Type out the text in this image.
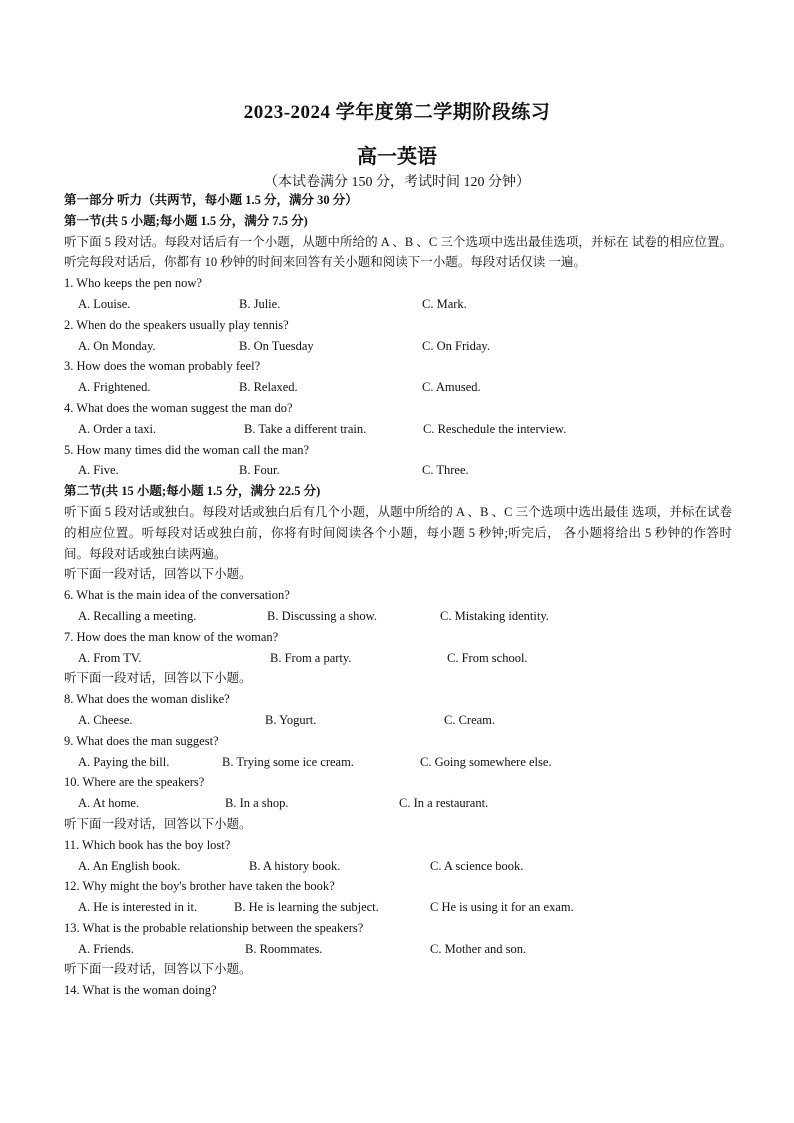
2023-2024 学年度第二学期阶段练习
高一英语
（本试卷满分 150 分，考试时间 120 分钟）
第一部分 听力（共两节，每小题 1.5 分，满分 30 分）
第一节(共 5 小题;每小题 1.5 分，满分 7.5 分)
听下面 5 段对话。每段对话后有一个小题，从题中所给的 A 、B 、C 三个选项中选出最佳选项，并标在 试卷的相应位置。听完每段对话后，你都有 10 秒钟的时间来回答有关小题和阅读下一小题。每段对话仅读 一遍。
1. Who keeps the pen now?
A. Louise.	B. Julie.	C. Mark.
2. When do the speakers usually play tennis?
A. On Monday.	B. On Tuesday	C. On Friday.
3. How does the woman probably feel?
A. Frightened.	B. Relaxed.	C. Amused.
4. What does the woman suggest the man do?
A. Order a taxi.	B. Take a different train.	C. Reschedule the interview.
5. How many times did the woman call the man?
A. Five.	B. Four.	C. Three.
第二节(共 15 小题;每小题 1.5 分，满分 22.5 分)
听下面 5 段对话或独白。每段对话或独白后有几个小题，从题中所给的 A 、B 、C 三个选项中选出最佳 选项，并标在试卷的相应位置。听每段对话或独白前，你将有时间阅读各个小题，每小题 5 秒钟;听完后， 各小题将给出 5 秒钟的作答时间。每段对话或独白读两遍。
听下面一段对话，回答以下小题。
6. What is the main idea of the conversation?
A. Recalling a meeting.	B. Discussing a show.	C. Mistaking identity.
7. How does the man know of the woman?
A. From TV.	B. From a party.	C. From school.
听下面一段对话，回答以下小题。
8. What does the woman dislike?
A. Cheese.	B. Yogurt.	C. Cream.
9. What does the man suggest?
A. Paying the bill.	B. Trying some ice cream.	C. Going somewhere else.
10. Where are the speakers?
A. At home.	B. In a shop.	C. In a restaurant.
听下面一段对话，回答以下小题。
11. Which book has the boy lost?
A. An English book.	B. A history book.	C. A science book.
12. Why might the boy's brother have taken the book?
A. He is interested in it.	B. He is learning the subject.	C He is using it for an exam.
13. What is the probable relationship between the speakers?
A. Friends.	B. Roommates.	C. Mother and son.
听下面一段对话，回答以下小题。
14. What is the woman doing?
